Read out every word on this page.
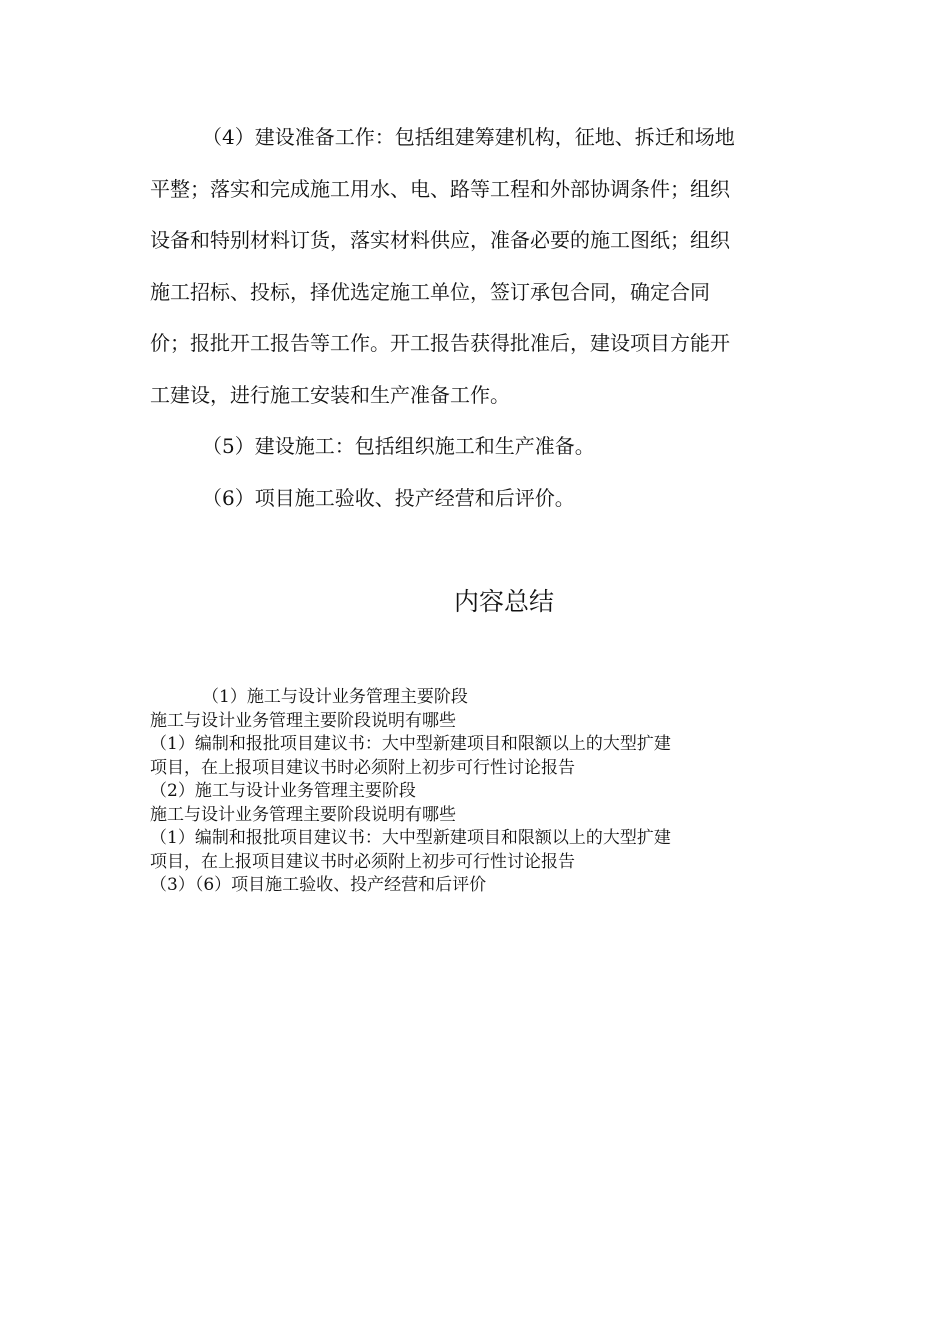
（4）建设准备工作：包括组建筹建机构，征地、拆迁和场地
平整；落实和完成施工用水、电、路等工程和外部协调条件；组织
设备和特别材料订货，落实材料供应，准备必要的施工图纸；组织
施工招标、投标，择优选定施工单位，签订承包合同，确定合同
价；报批开工报告等工作。开工报告获得批准后，建设项目方能开
工建设，进行施工安装和生产准备工作。

（5）建设施工：包括组织施工和生产准备。

（6）项目施工验收、投产经营和后评价。

内容总结
（1）施工与设计业务管理主要阶段
施工与设计业务管理主要阶段说明有哪些
（1）编制和报批项目建议书：大中型新建项目和限额以上的大型扩建
项目，在上报项目建议书时必须附上初步可行性讨论报告
（2）施工与设计业务管理主要阶段
施工与设计业务管理主要阶段说明有哪些
（1）编制和报批项目建议书：大中型新建项目和限额以上的大型扩建
项目，在上报项目建议书时必须附上初步可行性讨论报告
（3）（6）项目施工验收、投产经营和后评价
